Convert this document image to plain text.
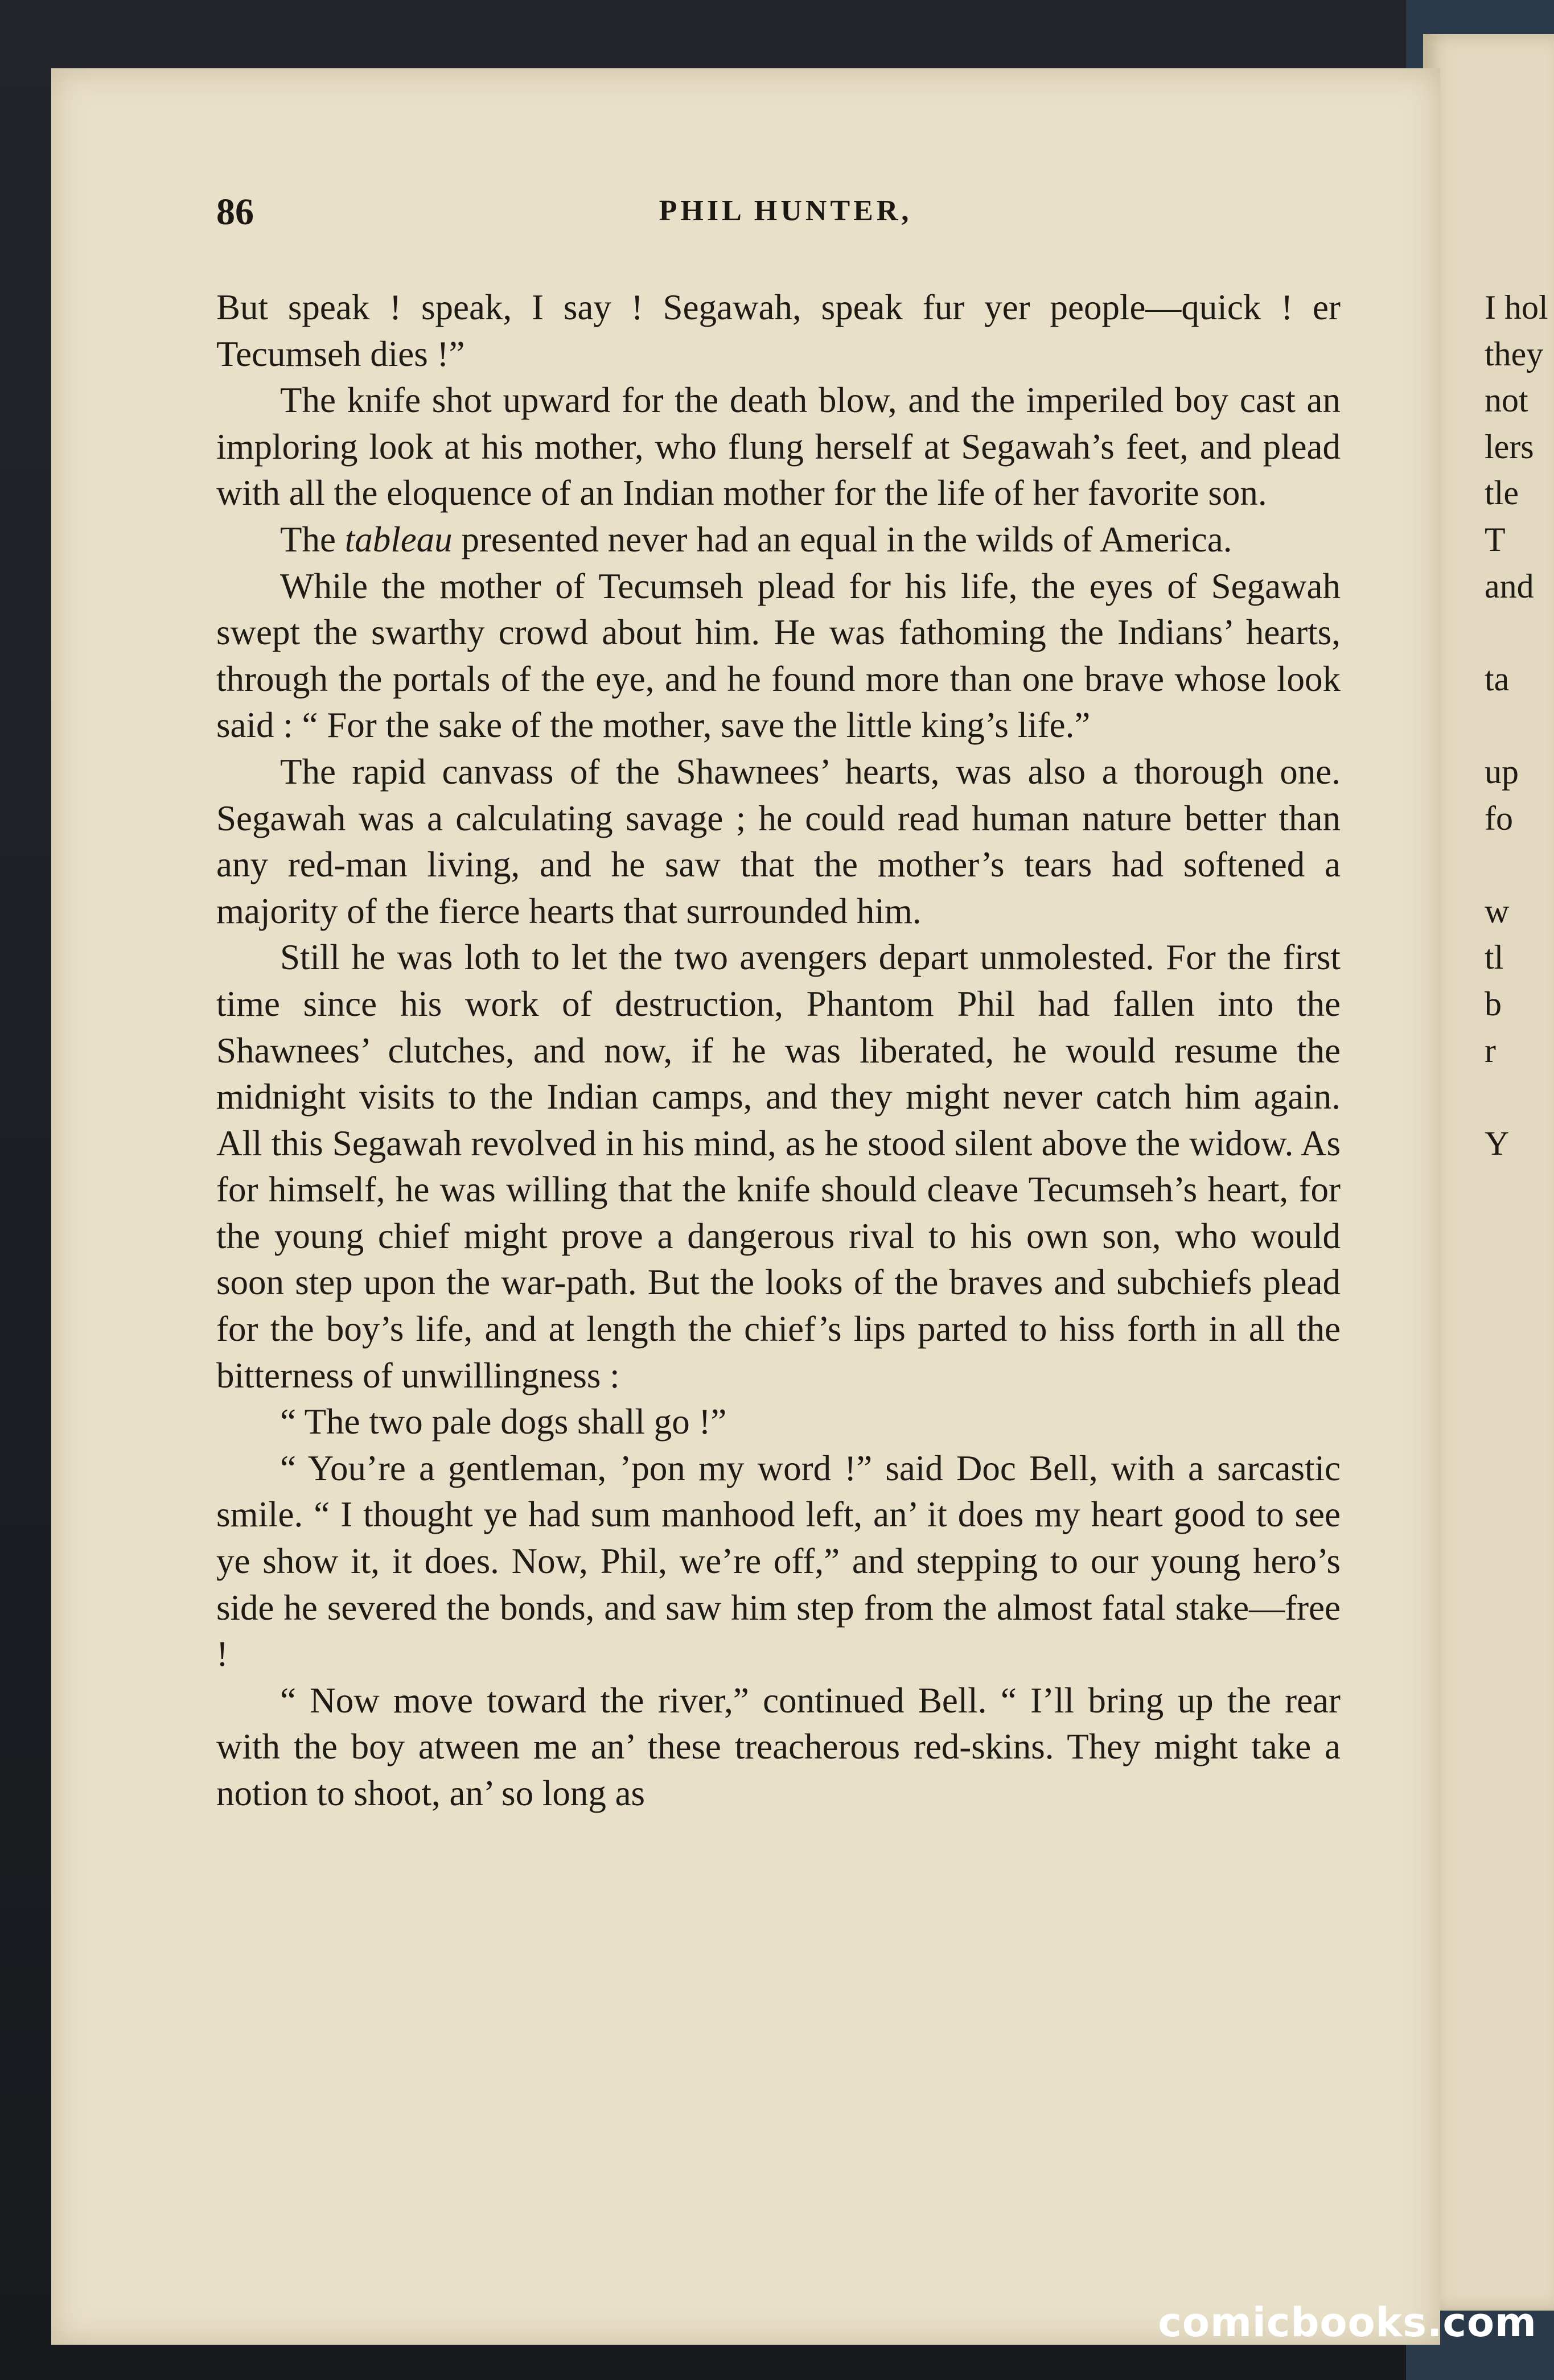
86	PHIL HUNTER,

But speak ! speak, I say ! Segawah, speak fur yer people—quick ! er Tecumseh dies !”

The knife shot upward for the death blow, and the imperiled boy cast an imploring look at his mother, who flung herself at Segawah’s feet, and plead with all the eloquence of an Indian mother for the life of her favorite son.

The tableau presented never had an equal in the wilds of America.

While the mother of Tecumseh plead for his life, the eyes of Segawah swept the swarthy crowd about him. He was fathoming the Indians’ hearts, through the portals of the eye, and he found more than one brave whose look said : “ For the sake of the mother, save the little king’s life.”

The rapid canvass of the Shawnees’ hearts, was also a thorough one. Segawah was a calculating savage ; he could read human nature better than any red-man living, and he saw that the mother’s tears had softened a majority of the fierce hearts that surrounded him.

Still he was loth to let the two avengers depart unmolested. For the first time since his work of destruction, Phantom Phil had fallen into the Shawnees’ clutches, and now, if he was liberated, he would resume the midnight visits to the Indian camps, and they might never catch him again. All this Segawah revolved in his mind, as he stood silent above the widow. As for himself, he was willing that the knife should cleave Tecumseh’s heart, for the young chief might prove a dangerous rival to his own son, who would soon step upon the war-path. But the looks of the braves and subchiefs plead for the boy’s life, and at length the chief’s lips parted to hiss forth in all the bitterness of unwillingness :

“ The two pale dogs shall go !”

“ You’re a gentleman, ’pon my word !” said Doc Bell, with a sarcastic smile. “ I thought ye had sum manhood left, an’ it does my heart good to see ye show it, it does. Now, Phil, we’re off,” and stepping to our young hero’s side he severed the bonds, and saw him step from the almost fatal stake—free !

“ Now move toward the river,” continued Bell. “ I’ll bring up the rear with the boy atween me an’ these treacherous red-skins. They might take a notion to shoot, an’ so long as

I hol
they
not
lers
tle
T
and
ta
up
fo
w
tl
b
r
Y
comicbooks.com
